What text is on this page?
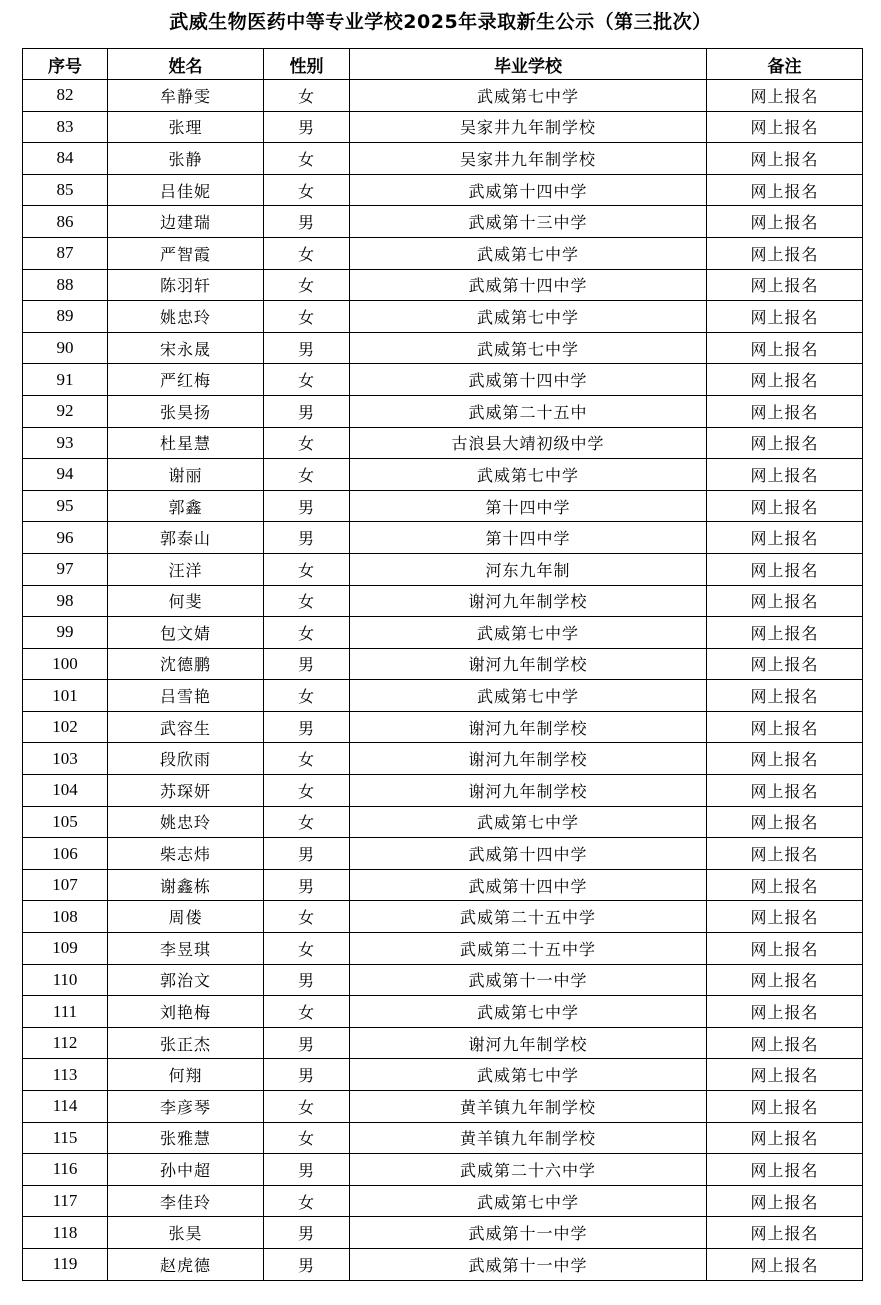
武威生物医药中等专业学校2025年录取新生公示（第三批次）
序号	姓名	性别	毕业学校	备注
82	牟静雯	女	武威第七中学	网上报名
83	张理	男	吴家井九年制学校	网上报名
84	张静	女	吴家井九年制学校	网上报名
85	吕佳妮	女	武威第十四中学	网上报名
86	边建瑞	男	武威第十三中学	网上报名
87	严智霞	女	武威第七中学	网上报名
88	陈羽轩	女	武威第十四中学	网上报名
89	姚忠玲	女	武威第七中学	网上报名
90	宋永晟	男	武威第七中学	网上报名
91	严红梅	女	武威第十四中学	网上报名
92	张昊扬	男	武威第二十五中	网上报名
93	杜星慧	女	古浪县大靖初级中学	网上报名
94	谢丽	女	武威第七中学	网上报名
95	郭鑫	男	第十四中学	网上报名
96	郭泰山	男	第十四中学	网上报名
97	汪洋	女	河东九年制	网上报名
98	何斐	女	谢河九年制学校	网上报名
99	包文婧	女	武威第七中学	网上报名
100	沈德鹏	男	谢河九年制学校	网上报名
101	吕雪艳	女	武威第七中学	网上报名
102	武容生	男	谢河九年制学校	网上报名
103	段欣雨	女	谢河九年制学校	网上报名
104	苏琛妍	女	谢河九年制学校	网上报名
105	姚忠玲	女	武威第七中学	网上报名
106	柴志炜	男	武威第十四中学	网上报名
107	谢鑫栋	男	武威第十四中学	网上报名
108	周偻	女	武威第二十五中学	网上报名
109	李昱琪	女	武威第二十五中学	网上报名
110	郭治文	男	武威第十一中学	网上报名
111	刘艳梅	女	武威第七中学	网上报名
112	张正杰	男	谢河九年制学校	网上报名
113	何翔	男	武威第七中学	网上报名
114	李彦琴	女	黄羊镇九年制学校	网上报名
115	张雅慧	女	黄羊镇九年制学校	网上报名
116	孙中超	男	武威第二十六中学	网上报名
117	李佳玲	女	武威第七中学	网上报名
118	张昊	男	武威第十一中学	网上报名
119	赵虎德	男	武威第十一中学	网上报名
